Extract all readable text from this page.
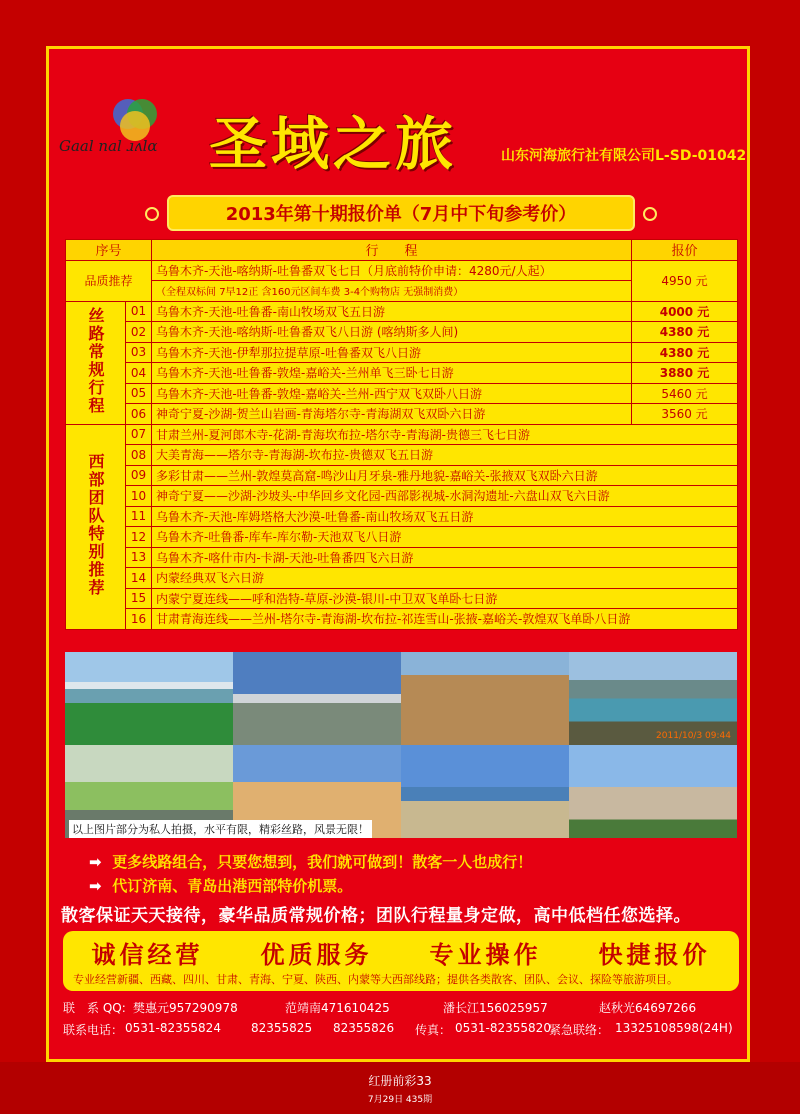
Gaal nal ɹʌlɑ 圣域之旅	山东河海旅行社有限公司L-SD-01042
2013年第十期报价单（7月中下旬参考价）
序号		行　　程	报价
品质推荐		乌鲁木齐-天池-喀纳斯-吐鲁番双飞七日（月底前特价申请：4280元/人起）	4950 元
		（全程双标间 7早12正 含160元区间车费 3-4个购物店 无强制消费）	
丝路常规行程	01	乌鲁木齐-天池-吐鲁番-南山牧场双飞五日游	4000 元
	02	乌鲁木齐-天池-喀纳斯-吐鲁番双飞八日游 (喀纳斯多人间)	4380 元
	03	乌鲁木齐-天池-伊犁那拉提草原-吐鲁番双飞八日游	4380 元
	04	乌鲁木齐-天池-吐鲁番-敦煌-嘉峪关-兰州单飞三卧七日游	3880 元
	05	乌鲁木齐-天池-吐鲁番-敦煌-嘉峪关-兰州-西宁双飞双卧八日游	5460 元
	06	神奇宁夏-沙湖-贺兰山岩画-青海塔尔寺-青海湖双飞双卧六日游	3560 元
西部团队特别推荐	07	甘肃兰州-夏河郎木寺-花湖-青海坎布拉-塔尔寺-青海湖-贵德三飞七日游	
	08	大美青海——塔尔寺-青海湖-坎布拉-贵德双飞五日游	
	09	多彩甘肃——兰州-敦煌莫高窟-鸣沙山月牙泉-雅丹地貌-嘉峪关-张掖双飞双卧六日游	
	10	神奇宁夏——沙湖-沙坡头-中华回乡文化园-西部影视城-水洞沟遗址-六盘山双飞六日游	
	11	乌鲁木齐-天池-库姆塔格大沙漠-吐鲁番-南山牧场双飞五日游	
	12	乌鲁木齐-吐鲁番-库车-库尔勒-天池双飞八日游	
	13	乌鲁木齐-喀什市内-卡湖-天池-吐鲁番四飞六日游	
	14	内蒙经典双飞六日游	
	15	内蒙宁夏连线——呼和浩特-草原-沙漠-银川-中卫双飞单卧七日游	
	16	甘肃青海连线——兰州-塔尔寺-青海湖-坎布拉-祁连雪山-张掖-嘉峪关-敦煌双飞单卧八日游	
2011/10/3 09:44
以上图片部分为私人拍摄，水平有限，精彩丝路，风景无限！
➡ 更多线路组合，只要您想到，我们就可做到！散客一人也成行！
➡ 代订济南、青岛出港西部特价机票。
散客保证天天接待，豪华品质常规价格；团队行程量身定做，高中低档任您选择。
诚信经营 优质服务 专业操作 快捷报价
专业经营新疆、西藏、四川、甘肃、青海、宁夏、陕西、内蒙等大西部线路；提供各类散客、团队、会议、探险等旅游项目。
联　系 QQ: 樊惠元957290978	范靖南471610425	潘长江156025957	赵秋光64697266
联系电话： 0531-82355824	82355825 82355826 传真： 0531-82355820
紧急联络： 13325108598(24H)
红册前彩33
7月29日 435期
